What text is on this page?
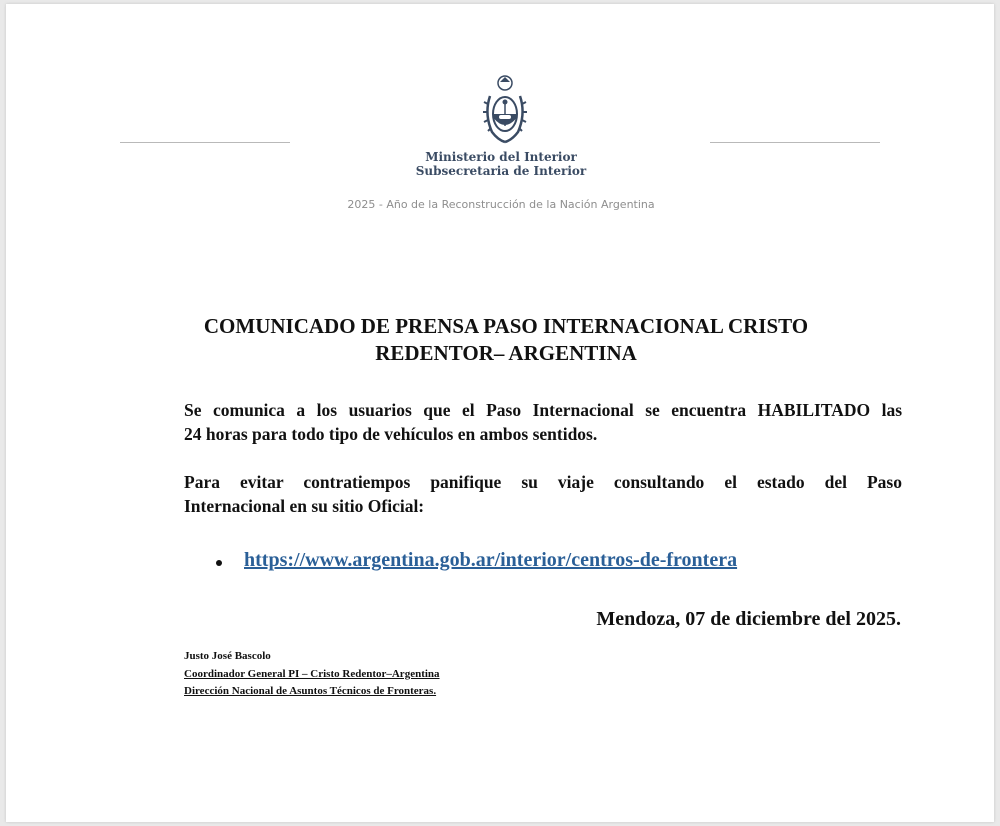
Ministerio del Interior
Subsecretaria de Interior
2025 - Año de la Reconstrucción de la Nación Argentina
COMUNICADO DE PRENSA PASO INTERNACIONAL CRISTO
REDENTOR– ARGENTINA
Se comunica a los usuarios que el Paso Internacional se encuentra HABILITADO las
24 horas para todo tipo de vehículos en ambos sentidos.
Para evitar contratiempos panifique su viaje consultando el estado del Paso
Internacional en su sitio Oficial:
https://www.argentina.gob.ar/interior/centros-de-frontera
Mendoza, 07 de diciembre del 2025.
Justo José Bascolo
Coordinador General PI – Cristo Redentor–Argentina
Dirección Nacional de Asuntos Técnicos de Fronteras.
